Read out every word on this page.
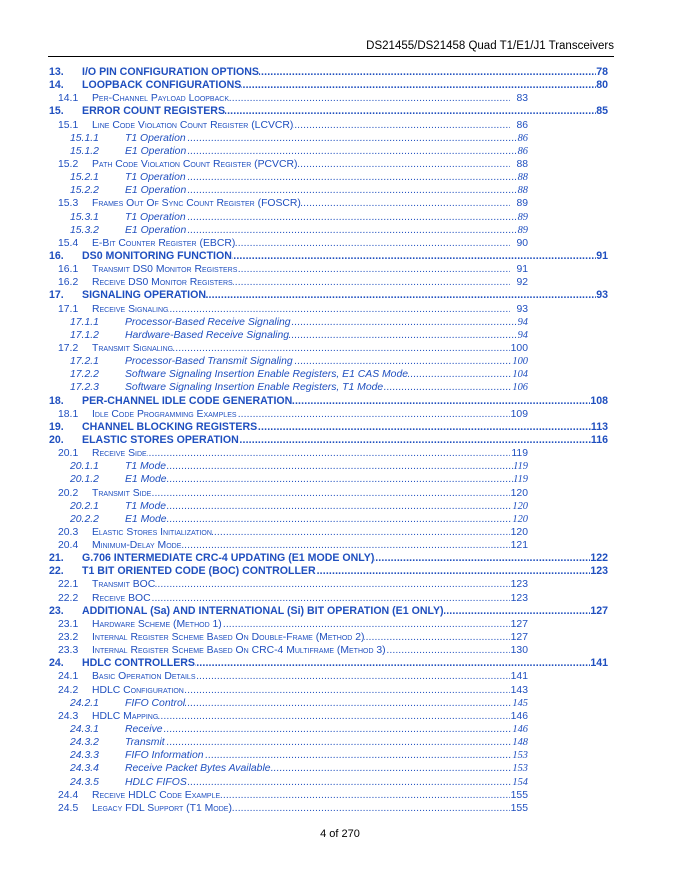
DS21455/DS21458 Quad T1/E1/J1 Transceivers
13. . . . I/O PIN CONFIGURATION OPTIONS	78
14. . . . LOOPBACK CONFIGURATIONS	80
14.1 . . . Per-Channel Payload Loopback	83
15. . . . ERROR COUNT REGISTERS	85
15.1 . . . Line Code Violation Count Register (LCVCR)	86
15.1.1 . . .	T1 Operation	86
15.1.2 . . .	E1 Operation	86
15.2 . . . Path Code Violation Count Register (PCVCR)	88
15.2.1 . . .	T1 Operation	88
15.2.2 . . .	E1 Operation	88
15.3 . . . Frames Out Of Sync Count Register (FOSCR)	89
15.3.1 . . .	T1 Operation	89
15.3.2 . . .	E1 Operation	89
15.4 . . . E-Bit Counter Register (EBCR)	90
16. . . . DS0 MONITORING FUNCTION	91
16.1 . . . Transmit DS0 Monitor Registers	91
16.2 . . . Receive DS0 Monitor Registers	92
17. . . . SIGNALING OPERATION	93
17.1 . . . Receive Signaling	93
17.1.1 . . .	Processor-Based Receive Signaling	94
17.1.2 . . .	Hardware-Based Receive Signaling	94
17.2 . . . Transmit Signaling	100
17.2.1 . . .	Processor-Based Transmit Signaling	100
17.2.2 . . .	Software Signaling Insertion Enable Registers, E1 CAS Mode	104
17.2.3 . . .	Software Signaling Insertion Enable Registers, T1 Mode	106
18. . . . PER-CHANNEL IDLE CODE GENERATION	108
18.1 . . . Idle Code Programming Examples	109
19. . . . CHANNEL BLOCKING REGISTERS	113
20. . . . ELASTIC STORES OPERATION	116
20.1 . . . Receive Side	119
20.1.1 . . .	T1 Mode	119
20.1.2 . . .	E1 Mode	119
20.2 . . . Transmit Side	120
20.2.1 . . .	T1 Mode	120
20.2.2 . . .	E1 Mode	120
20.3 . . . Elastic Stores Initialization	120
20.4 . . . Minimum-Delay Mode	121
21. . . . G.706 INTERMEDIATE CRC-4 UPDATING (E1 MODE ONLY)	122
22. . . . T1 BIT ORIENTED CODE (BOC) CONTROLLER	123
22.1 . . . Transmit BOC	123
22.2 . . . Receive BOC	123
23. . . . ADDITIONAL (Sa) AND INTERNATIONAL (Si) BIT OPERATION (E1 ONLY)	127
23.1 . . . Hardware Scheme (Method 1)	127
23.2 . . . Internal Register Scheme Based On Double-Frame (Method 2)	127
23.3 . . . Internal Register Scheme Based On CRC-4 Multiframe (Method 3)	130
24. . . . HDLC CONTROLLERS	141
24.1 . . . Basic Operation Details	141
24.2 . . . HDLC Configuration	143
24.2.1 . . .	FIFO Control	145
24.3 . . . HDLC Mapping	146
24.3.1 . . .	Receive	146
24.3.2 . . .	Transmit	148
24.3.3 . . .	FIFO Information	153
24.3.4 . . .	Receive Packet Bytes Available	153
24.3.5 . . .	HDLC FIFOS	154
24.4 . . . Receive HDLC Code Example	155
24.5 . . . Legacy FDL Support (T1 Mode)	155
4 of 270
